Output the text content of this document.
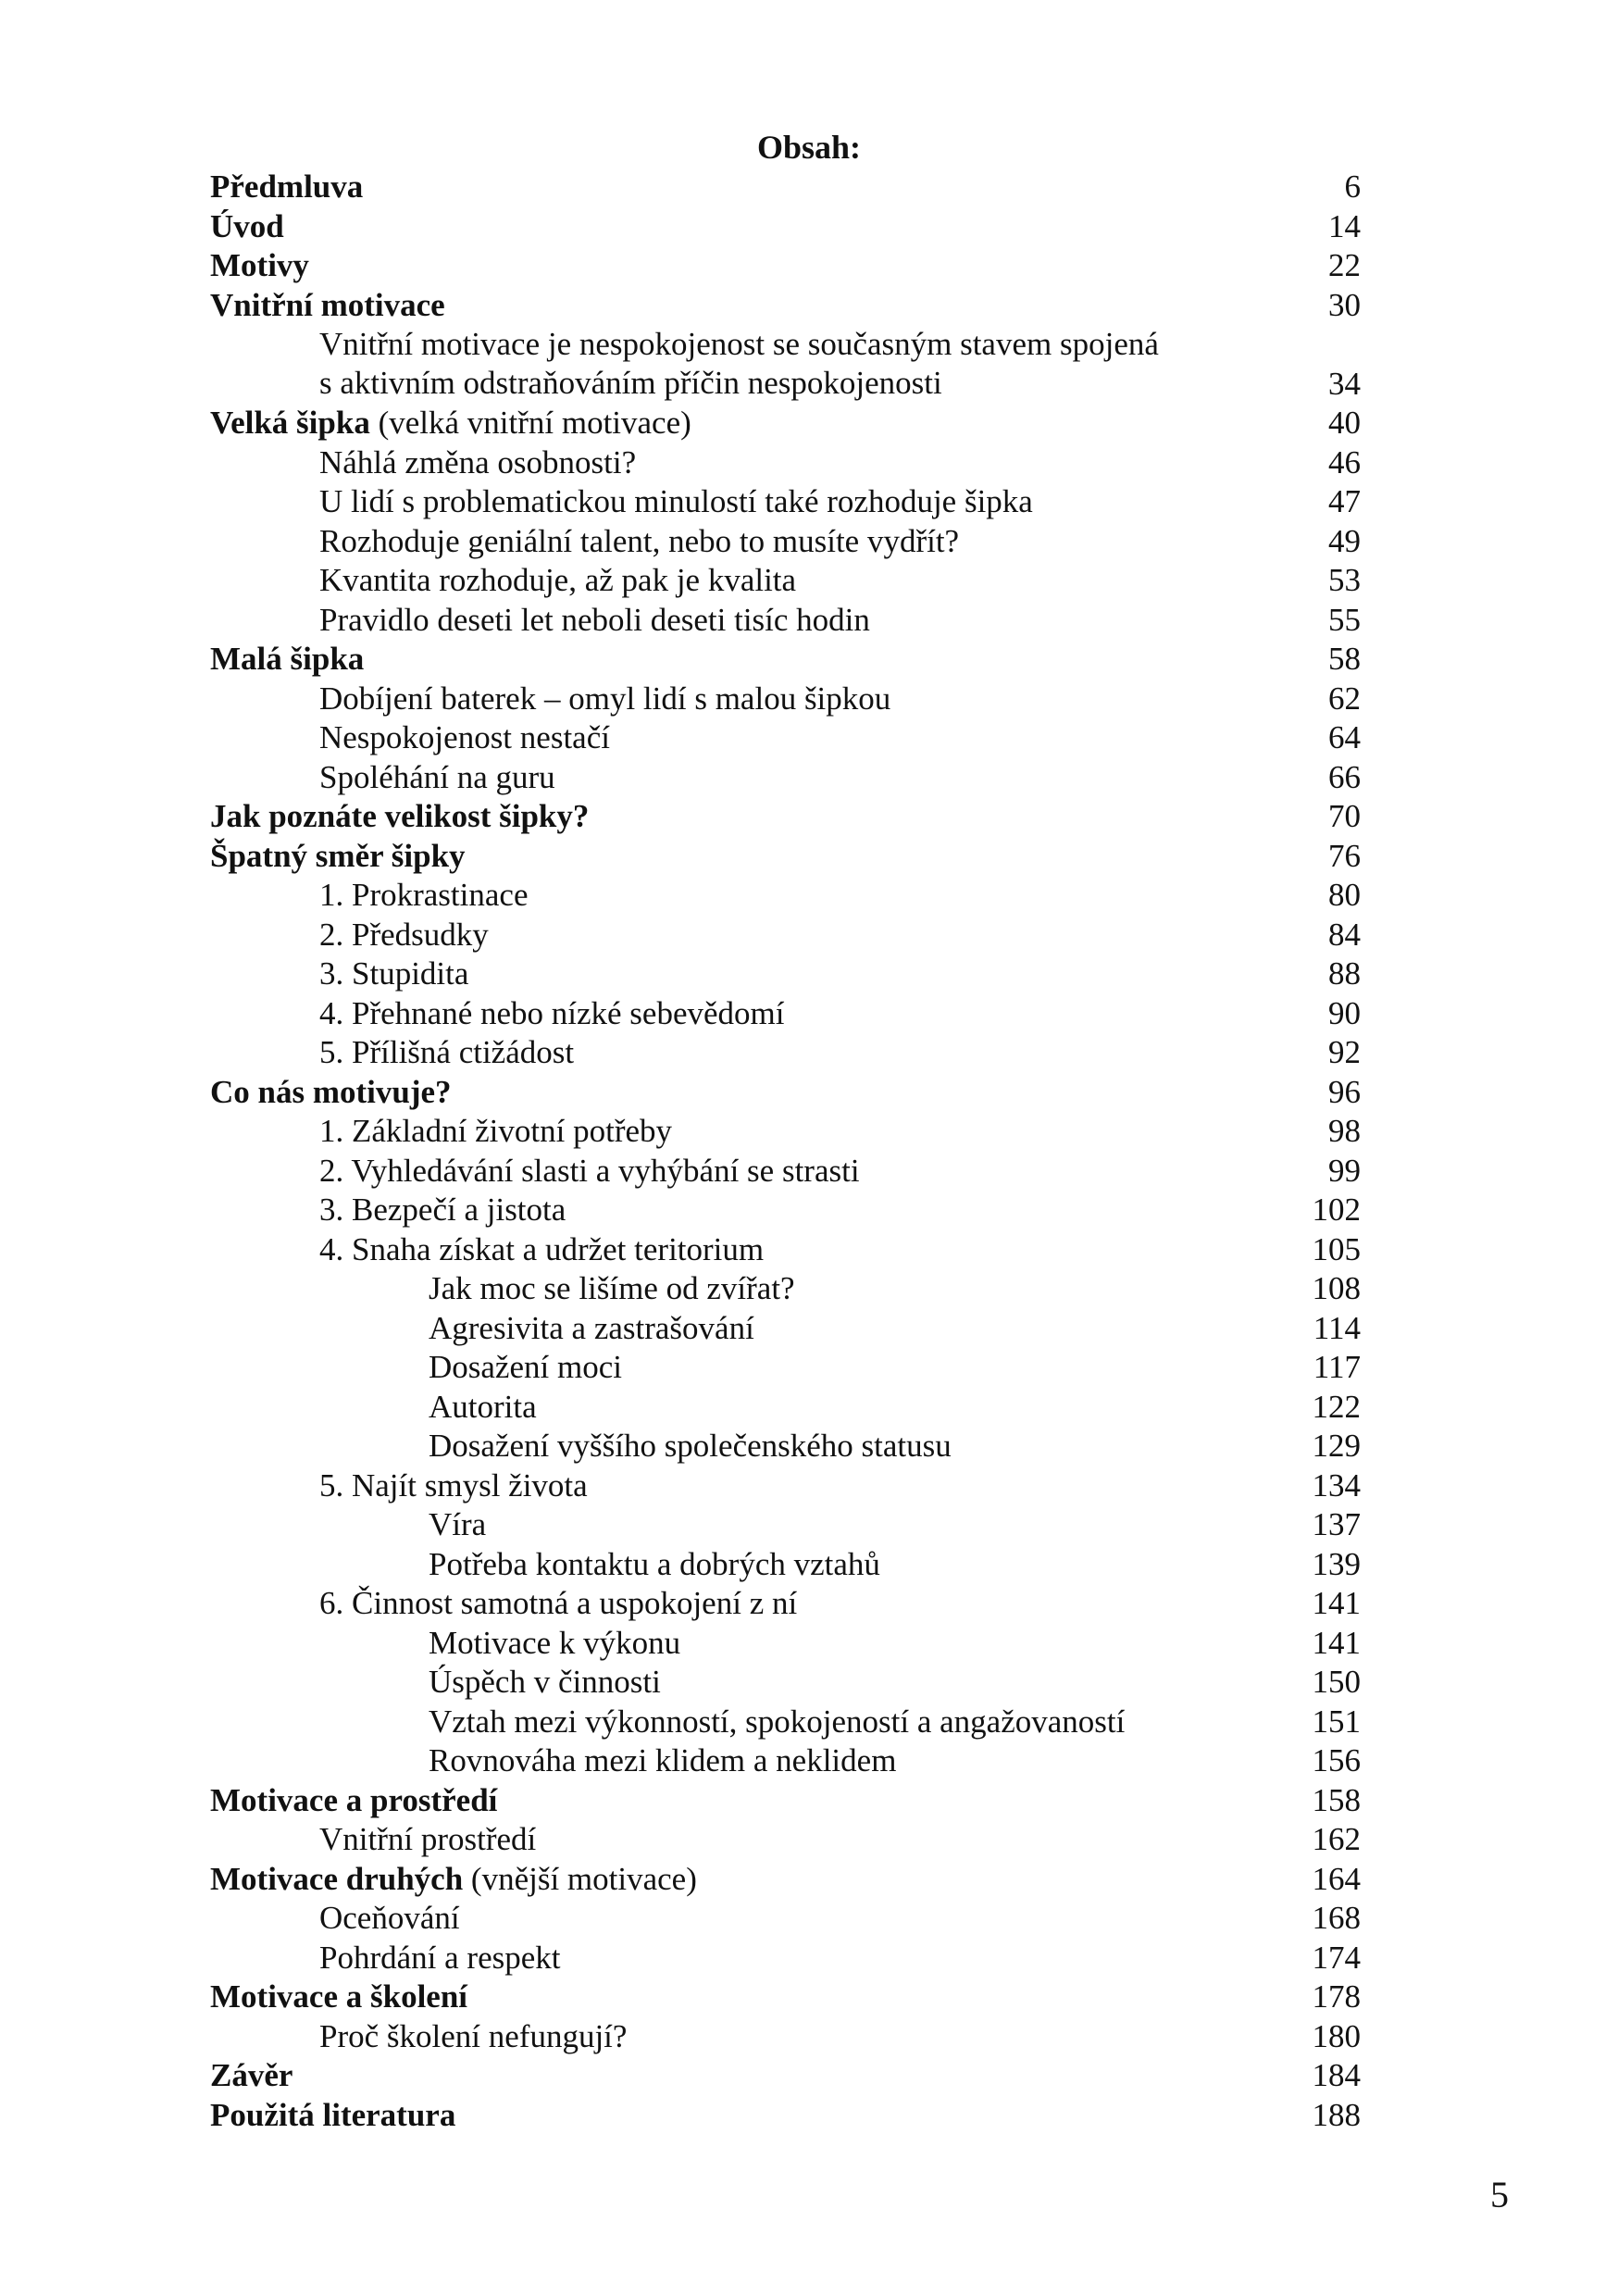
Obsah:
Předmluva	6
Úvod	14
Motivy	22
Vnitřní motivace	30
Vnitřní motivace je nespokojenost se současným stavem spojená
s aktivním odstraňováním příčin nespokojenosti	34
Velká šipka (velká vnitřní motivace)	40
Náhlá změna osobnosti?	46
U lidí s problematickou minulostí také rozhoduje šipka	47
Rozhoduje geniální talent, nebo to musíte vydřít?	49
Kvantita rozhoduje, až pak je kvalita	53
Pravidlo deseti let neboli deseti tisíc hodin	55
Malá šipka	58
Dobíjení baterek – omyl lidí s malou šipkou	62
Nespokojenost nestačí	64
Spoléhání na guru	66
Jak poznáte velikost šipky?	70
Špatný směr šipky	76
1. Prokrastinace	80
2. Předsudky	84
3. Stupidita	88
4. Přehnané nebo nízké sebevědomí	90
5. Přílišná ctižádost	92
Co nás motivuje?	96
1. Základní životní potřeby	98
2. Vyhledávání slasti a vyhýbání se strasti	99
3. Bezpečí a jistota	102
4. Snaha získat a udržet teritorium	105
Jak moc se lišíme od zvířat?	108
Agresivita a zastrašování	114
Dosažení moci	117
Autorita	122
Dosažení vyššího společenského statusu	129
5. Najít smysl života	134
Víra	137
Potřeba kontaktu a dobrých vztahů	139
6. Činnost samotná a uspokojení z ní	141
Motivace k výkonu	141
Úspěch v činnosti	150
Vztah mezi výkonností, spokojeností a angažovaností	151
Rovnováha mezi klidem a neklidem	156
Motivace a prostředí	158
Vnitřní prostředí	162
Motivace druhých (vnější motivace)	164
Oceňování	168
Pohrdání a respekt	174
Motivace a školení	178
Proč školení nefungují?	180
Závěr	184
Použitá literatura	188
5
